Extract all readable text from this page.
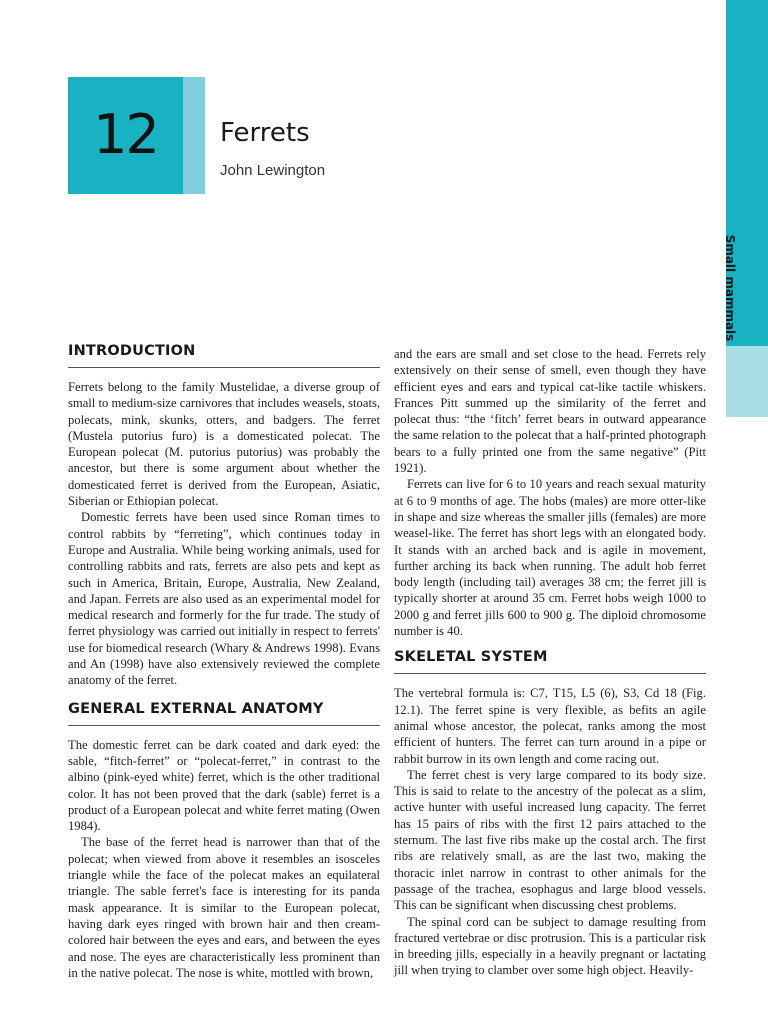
Small mammals
12	Ferrets
John Lewington
INTRODUCTION

Ferrets belong to the family Mustelidae, a diverse group of small to medium-size carnivores that includes weasels, stoats, polecats, mink, skunks, otters, and badgers. The ferret (Mustela putorius furo) is a domesticated polecat. The European polecat (M. putorius putorius) was probably the ancestor, but there is some argument about whether the domesticated ferret is derived from the European, Asiatic, Siberian or Ethiopian polecat.

Domestic ferrets have been used since Roman times to control rabbits by “ferreting”, which continues today in Europe and Australia. While being working animals, used for controlling rabbits and rats, ferrets are also pets and kept as such in America, Britain, Europe, Australia, New Zealand, and Japan. Ferrets are also used as an experimental model for medical research and formerly for the fur trade. The study of ferret physiology was carried out initially in respect to ferrets' use for biomedical research (Whary & Andrews 1998). Evans and An (1998) have also extensively reviewed the complete anatomy of the ferret.

GENERAL EXTERNAL ANATOMY

The domestic ferret can be dark coated and dark eyed: the sable, “fitch-ferret” or “polecat-ferret,” in contrast to the albino (pink-eyed white) ferret, which is the other traditional color. It has not been proved that the dark (sable) ferret is a product of a European polecat and white ferret mating (Owen 1984).

The base of the ferret head is narrower than that of the polecat; when viewed from above it resembles an isosceles triangle while the face of the polecat makes an equilateral triangle. The sable ferret's face is interesting for its panda mask appearance. It is similar to the European polecat, having dark eyes ringed with brown hair and then cream-colored hair between the eyes and ears, and between the eyes and nose. The eyes are characteristically less prominent than in the native polecat. The nose is white, mottled with brown,

and the ears are small and set close to the head. Ferrets rely extensively on their sense of smell, even though they have efficient eyes and ears and typical cat-like tactile whiskers. Frances Pitt summed up the similarity of the ferret and polecat thus: “the ‘fitch’ ferret bears in outward appearance the same relation to the polecat that a half-printed photograph bears to a fully printed one from the same negative” (Pitt 1921).

Ferrets can live for 6 to 10 years and reach sexual maturity at 6 to 9 months of age. The hobs (males) are more otter-like in shape and size whereas the smaller jills (females) are more weasel-like. The ferret has short legs with an elongated body. It stands with an arched back and is agile in movement, further arching its back when running. The adult hob ferret body length (including tail) averages 38 cm; the ferret jill is typically shorter at around 35 cm. Ferret hobs weigh 1000 to 2000 g and ferret jills 600 to 900 g. The diploid chromosome number is 40.

SKELETAL SYSTEM

The vertebral formula is: C7, T15, L5 (6), S3, Cd 18 (Fig. 12.1). The ferret spine is very flexible, as befits an agile animal whose ancestor, the polecat, ranks among the most efficient of hunters. The ferret can turn around in a pipe or rabbit burrow in its own length and come racing out.

The ferret chest is very large compared to its body size. This is said to relate to the ancestry of the polecat as a slim, active hunter with useful increased lung capacity. The ferret has 15 pairs of ribs with the first 12 pairs attached to the sternum. The last five ribs make up the costal arch. The first ribs are relatively small, as are the last two, making the thoracic inlet narrow in contrast to other animals for the passage of the trachea, esophagus and large blood vessels. This can be significant when discussing chest problems.

The spinal cord can be subject to damage resulting from fractured vertebrae or disc protrusion. This is a particular risk in breeding jills, especially in a heavily pregnant or lactating jill when trying to clamber over some high object. Heavily-
